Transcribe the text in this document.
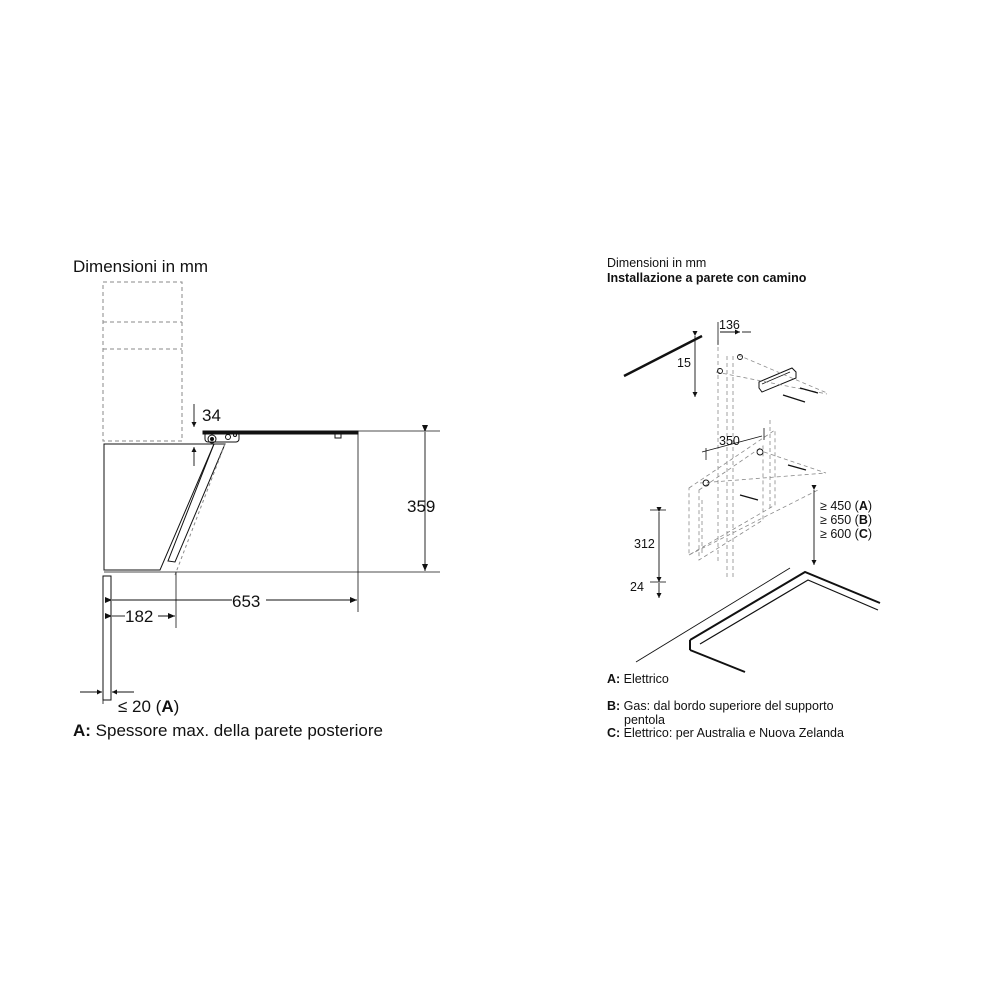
Dimensioni in mm
34
359
653
182
≤ 20 (A)
A: Spessore max. della parete posteriore
Dimensioni in mm
Installazione a parete con camino
136
15
350
312
24
≥ 450 (A)
≥ 650 (B)
≥ 600 (C)
A: Elettrico
B: Gas: dal bordo superiore del supporto
pentola
C: Elettrico: per Australia e Nuova Zelanda
